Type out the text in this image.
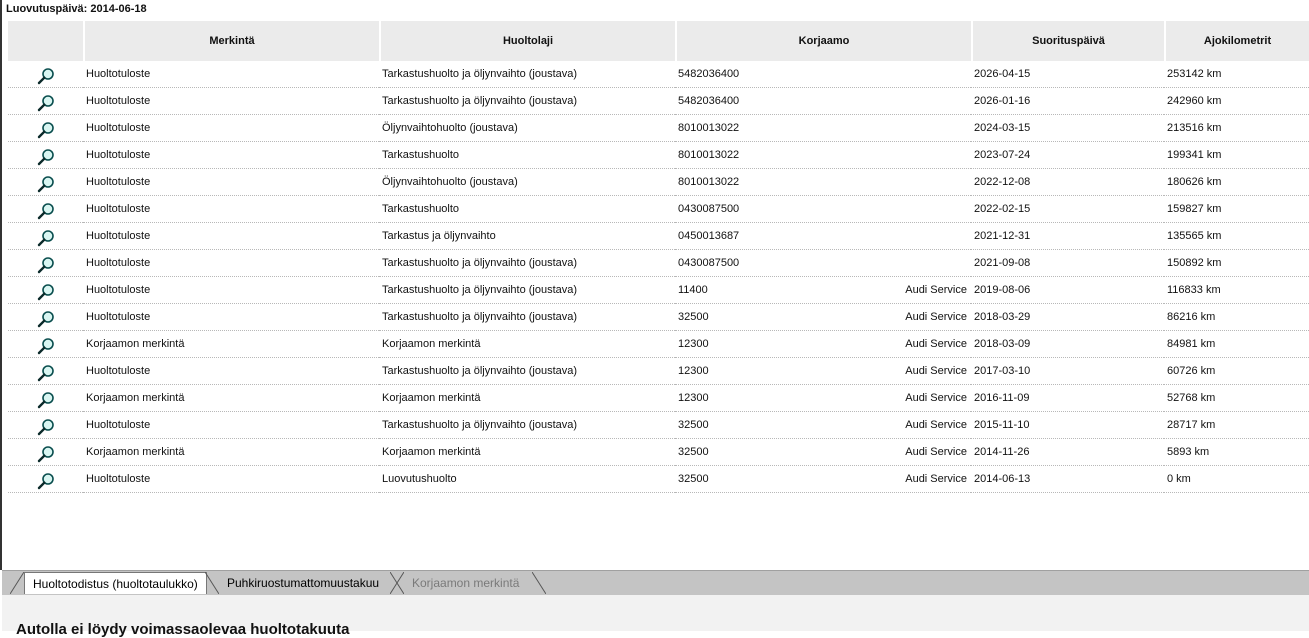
Luovutuspäivä: 2014-06-18
	Merkintä	Huoltolaji	Korjaamo	Suorituspäivä	Ajokilometrit
	Huoltotuloste	Tarkastushuolto ja öljynvaihto (joustava)	5482036400	2026-04-15	253142 km
	Huoltotuloste	Tarkastushuolto ja öljynvaihto (joustava)	5482036400	2026-01-16	242960 km
	Huoltotuloste	Öljynvaihtohuolto (joustava)	8010013022	2024-03-15	213516 km
	Huoltotuloste	Tarkastushuolto	8010013022	2023-07-24	199341 km
	Huoltotuloste	Öljynvaihtohuolto (joustava)	8010013022	2022-12-08	180626 km
	Huoltotuloste	Tarkastushuolto	0430087500	2022-02-15	159827 km
	Huoltotuloste	Tarkastus ja öljynvaihto	0450013687	2021-12-31	135565 km
	Huoltotuloste	Tarkastushuolto ja öljynvaihto (joustava)	0430087500	2021-09-08	150892 km
	Huoltotuloste	Tarkastushuolto ja öljynvaihto (joustava)	11400 Audi Service	2019-08-06	116833 km
	Huoltotuloste	Tarkastushuolto ja öljynvaihto (joustava)	32500 Audi Service	2018-03-29	86216 km
	Korjaamon merkintä	Korjaamon merkintä	12300 Audi Service	2018-03-09	84981 km
	Huoltotuloste	Tarkastushuolto ja öljynvaihto (joustava)	12300 Audi Service	2017-03-10	60726 km
	Korjaamon merkintä	Korjaamon merkintä	12300 Audi Service	2016-11-09	52768 km
	Huoltotuloste	Tarkastushuolto ja öljynvaihto (joustava)	32500 Audi Service	2015-11-10	28717 km
	Korjaamon merkintä	Korjaamon merkintä	32500 Audi Service	2014-11-26	5893 km
	Huoltotuloste	Luovutushuolto	32500 Audi Service	2014-06-13	0 km
Huoltotodistus (huoltotaulukko)	Puhkiruostumattomuustakuu	Korjaamon merkintä
Autolla ei löydy voimassaolevaa huoltotakuuta
